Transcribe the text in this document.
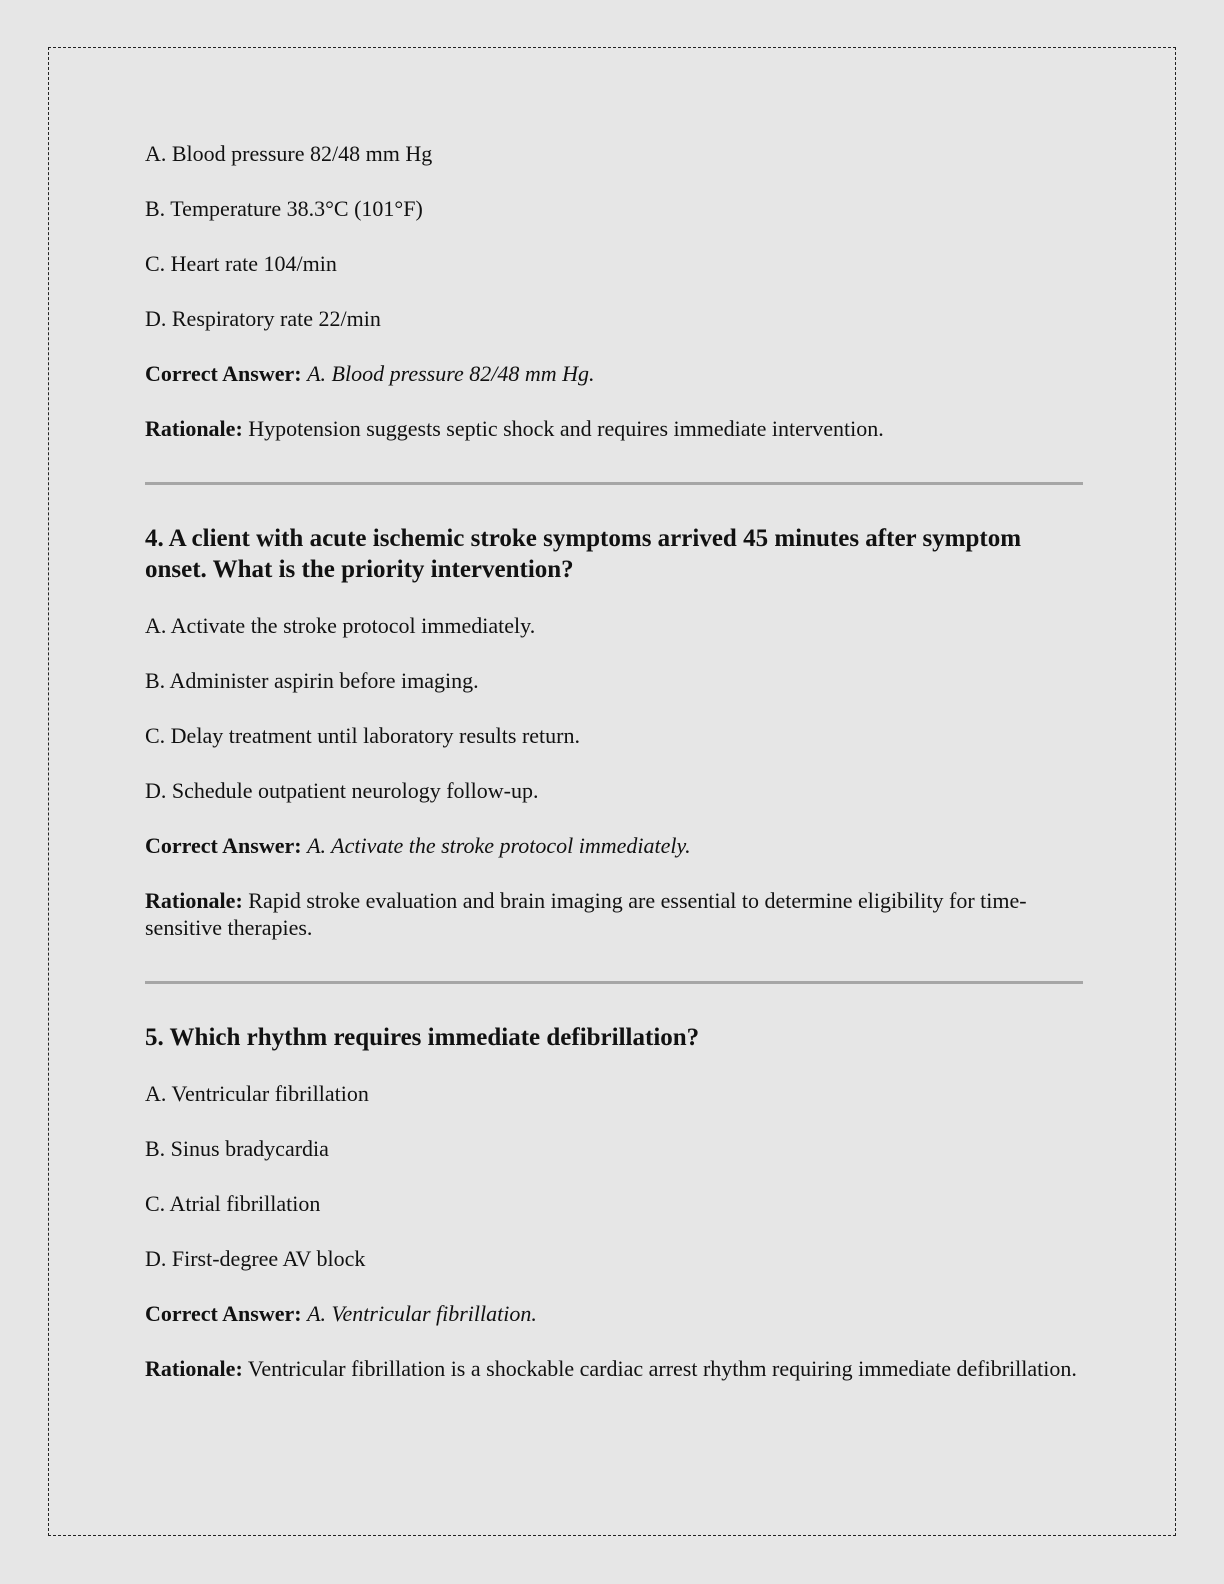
A. Blood pressure 82/48 mm Hg

B. Temperature 38.3°C (101°F)

C. Heart rate 104/min

D. Respiratory rate 22/min

Correct Answer: A. Blood pressure 82/48 mm Hg.

Rationale: Hypotension suggests septic shock and requires immediate intervention.

4. A client with acute ischemic stroke symptoms arrived 45 minutes after symptom onset. What is the priority intervention?

A. Activate the stroke protocol immediately.

B. Administer aspirin before imaging.

C. Delay treatment until laboratory results return.

D. Schedule outpatient neurology follow-up.

Correct Answer: A. Activate the stroke protocol immediately.

Rationale: Rapid stroke evaluation and brain imaging are essential to determine eligibility for time-sensitive therapies.

5. Which rhythm requires immediate defibrillation?

A. Ventricular fibrillation

B. Sinus bradycardia

C. Atrial fibrillation

D. First-degree AV block

Correct Answer: A. Ventricular fibrillation.

Rationale: Ventricular fibrillation is a shockable cardiac arrest rhythm requiring immediate defibrillation.
